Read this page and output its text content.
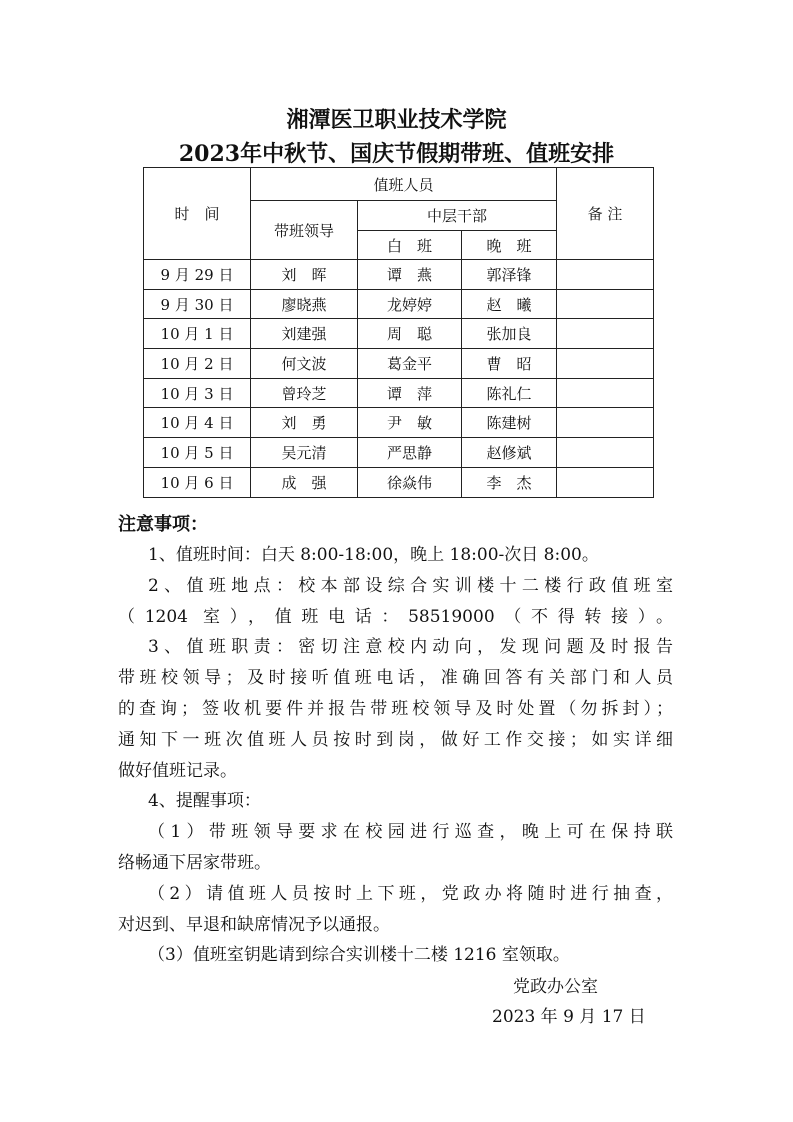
湘潭医卫职业技术学院
2023年中秋节、国庆节假期带班、值班安排
时　间	值班人员			备 注
	带班领导	中层干部		
		白　班	晚　班	
9 月 29 日	刘　晖	谭　燕	郭泽锋	
9 月 30 日	廖晓燕	龙婷婷	赵　曦	
10 月 1 日	刘建强	周　聪	张加良	
10 月 2 日	何文波	葛金平	曹　昭	
10 月 3 日	曾玲芝	谭　萍	陈礼仁	
10 月 4 日	刘　勇	尹　敏	陈建树	
10 月 5 日	吴元清	严思静	赵修斌	
10 月 6 日	成　强	徐焱伟	李　杰	
注意事项：
1、值班时间：白天 8:00-18:00，晚上 18:00-次日 8:00。
2、值班地点：校本部设综合实训楼十二楼行政值班室
（1204 室），值班电话：58519000（不得转接）。
3、值班职责：密切注意校内动向，发现问题及时报告
带班校领导；及时接听值班电话，准确回答有关部门和人员
的查询；签收机要件并报告带班校领导及时处置（勿拆封）；
通知下一班次值班人员按时到岗，做好工作交接；如实详细
做好值班记录。
4、提醒事项：
（1）带班领导要求在校园进行巡查，晚上可在保持联
络畅通下居家带班。
（2）请值班人员按时上下班，党政办将随时进行抽查，
对迟到、早退和缺席情况予以通报。
（3）值班室钥匙请到综合实训楼十二楼 1216 室领取。
党政办公室
2023 年 9 月 17 日
